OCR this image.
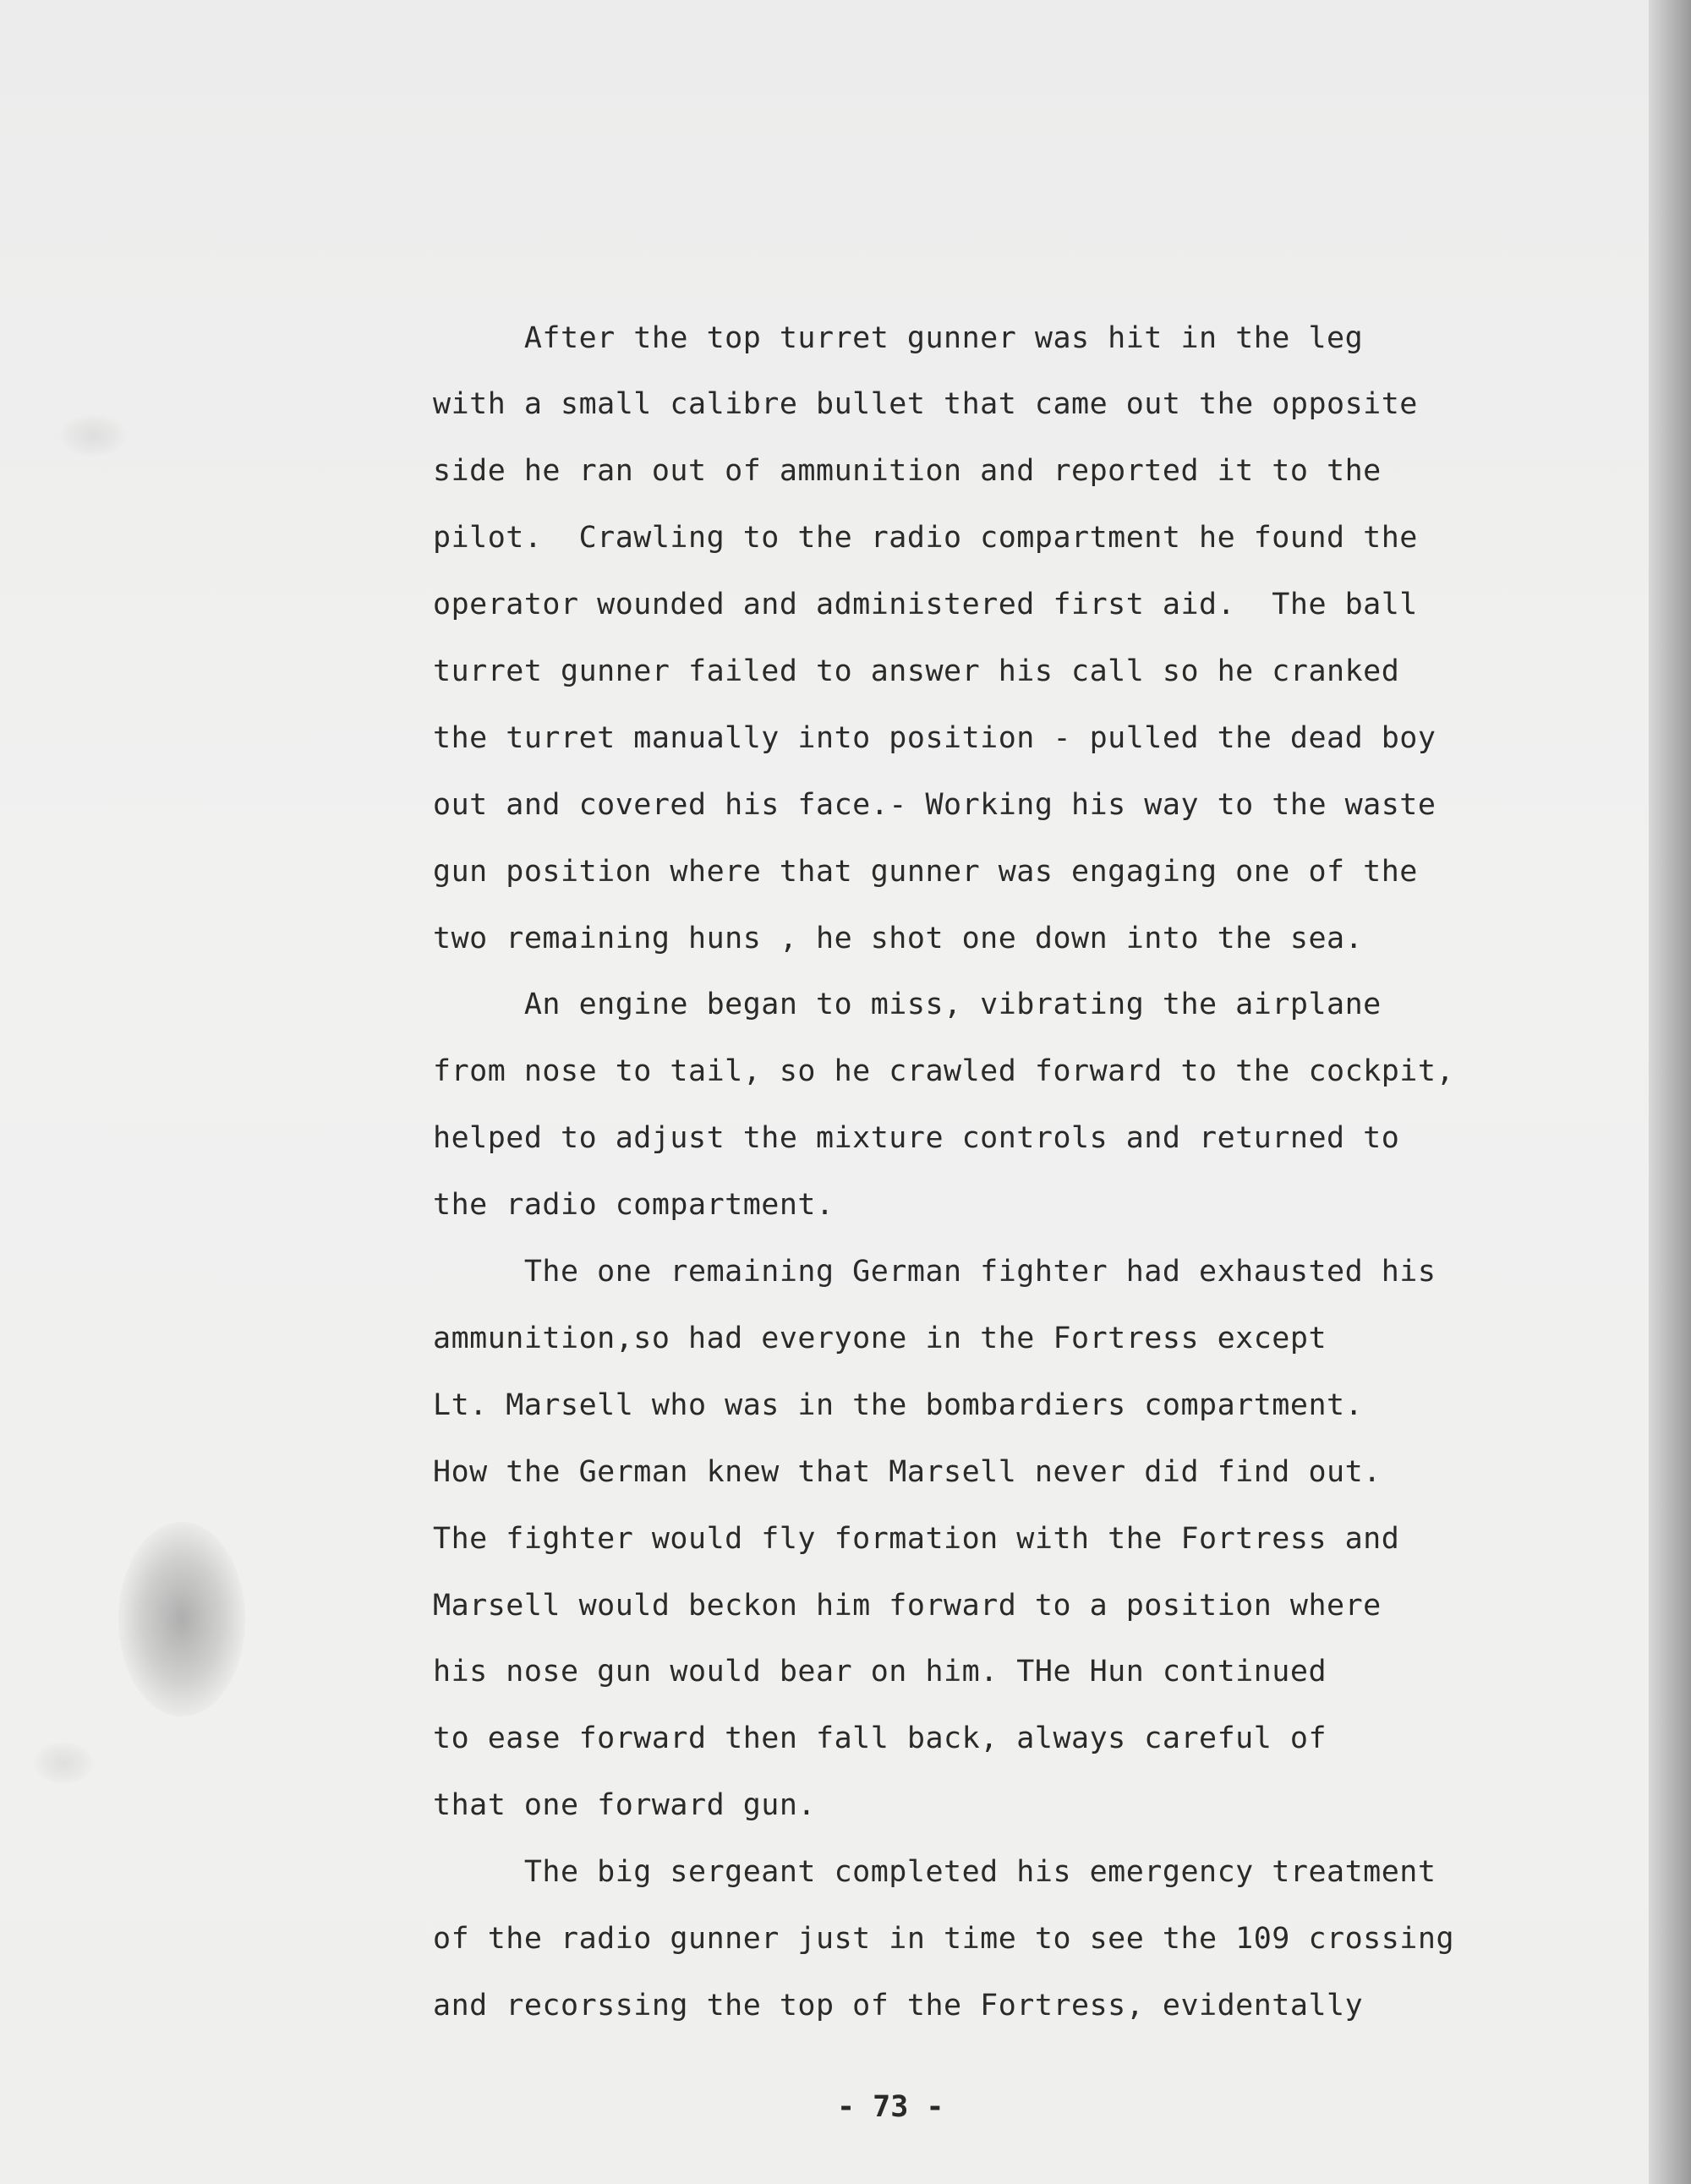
After the top turret gunner was hit in the leg
with a small calibre bullet that came out the opposite
side he ran out of ammunition and reported it to the
pilot.  Crawling to the radio compartment he found the
operator wounded and administered first aid.  The ball
turret gunner failed to answer his call so he cranked
the turret manually into position - pulled the dead boy
out and covered his face.- Working his way to the waste
gun position where that gunner was engaging one of the
two remaining huns , he shot one down into the sea.
An engine began to miss, vibrating the airplane
from nose to tail, so he crawled forward to the cockpit,
helped to adjust the mixture controls and returned to
the radio compartment.
The one remaining German fighter had exhausted his
ammunition,so had everyone in the Fortress except
Lt. Marsell who was in the bombardiers compartment.
How the German knew that Marsell never did find out.
The fighter would fly formation with the Fortress and
Marsell would beckon him forward to a position where
his nose gun would bear on him. THe Hun continued
to ease forward then fall back, always careful of
that one forward gun.
The big sergeant completed his emergency treatment
of the radio gunner just in time to see the 109 crossing
and recorssing the top of the Fortress, evidentally
- 73 -
